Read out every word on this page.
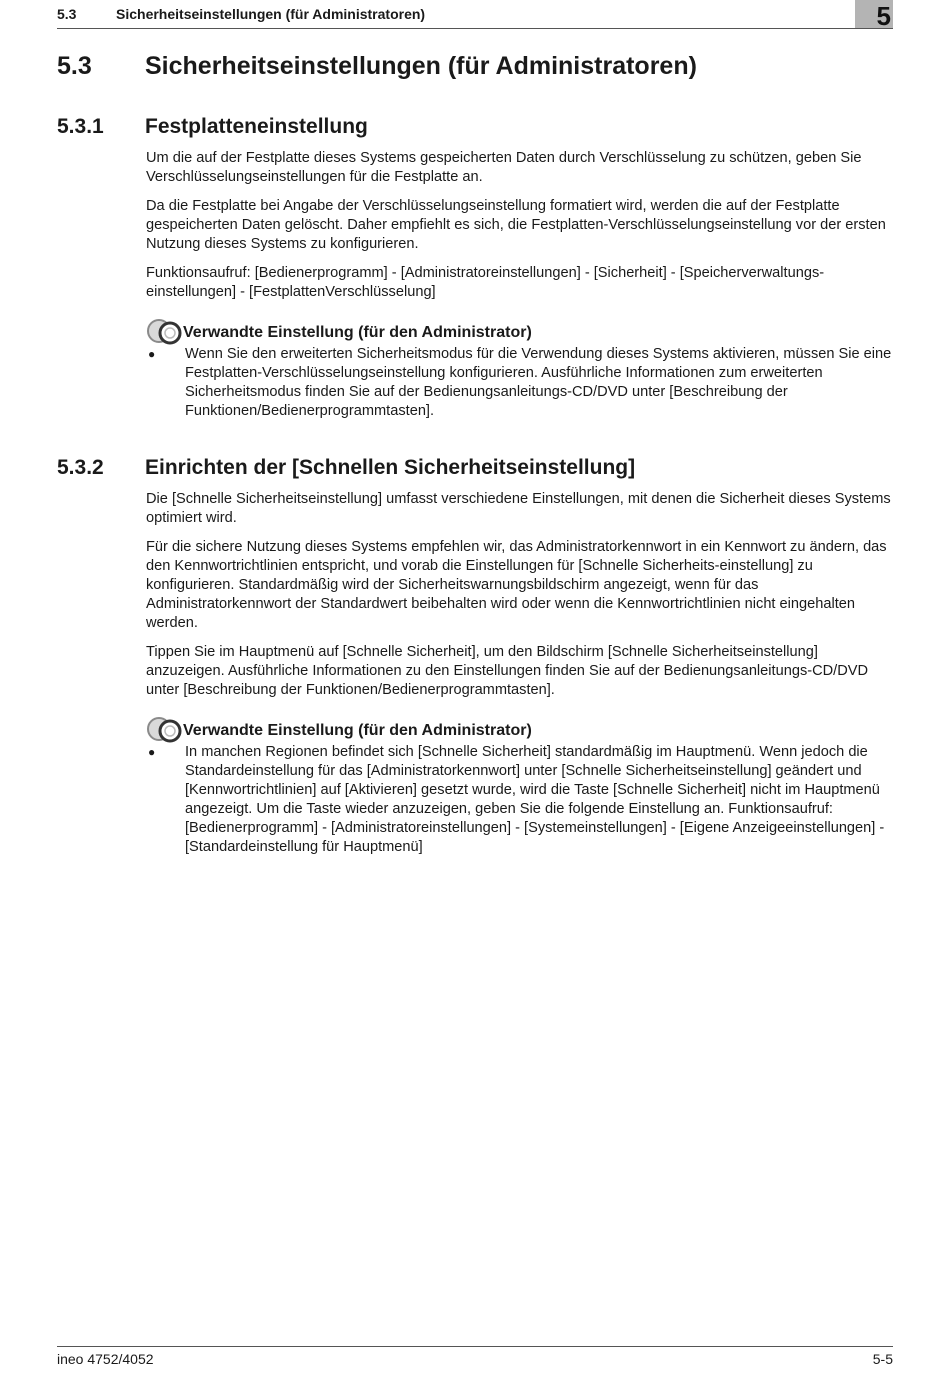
5.3	Sicherheitseinstellungen (für Administratoren)	5
5.3 Sicherheitseinstellungen (für Administratoren)
5.3.1 Festplatteneinstellung

Um die auf der Festplatte dieses Systems gespeicherten Daten durch Verschlüsselung zu schützen, geben Sie Verschlüsselungseinstellungen für die Festplatte an.

Da die Festplatte bei Angabe der Verschlüsselungseinstellung formatiert wird, werden die auf der Festplatte gespeicherten Daten gelöscht. Daher empfiehlt es sich, die Festplatten-Verschlüsselungseinstellung vor der ersten Nutzung dieses Systems zu konfigurieren.

Funktionsaufruf: [Bedienerprogramm] - [Administratoreinstellungen] - [Sicherheit] - [Speicherverwaltungs-einstellungen] - [FestplattenVerschlüsselung]

Verwandte Einstellung (für den Administrator)
● Wenn Sie den erweiterten Sicherheitsmodus für die Verwendung dieses Systems aktivieren, müssen Sie eine Festplatten-Verschlüsselungseinstellung konfigurieren. Ausführliche Informationen zum erweiterten Sicherheitsmodus finden Sie auf der Bedienungsanleitungs-CD/DVD unter [Beschreibung der Funktionen/Bedienerprogrammtasten].

5.3.2 Einrichten der [Schnellen Sicherheitseinstellung]

Die [Schnelle Sicherheitseinstellung] umfasst verschiedene Einstellungen, mit denen die Sicherheit dieses Systems optimiert wird.

Für die sichere Nutzung dieses Systems empfehlen wir, das Administratorkennwort in ein Kennwort zu ändern, das den Kennwortrichtlinien entspricht, und vorab die Einstellungen für [Schnelle Sicherheits-einstellung] zu konfigurieren. Standardmäßig wird der Sicherheitswarnungsbildschirm angezeigt, wenn für das Administratorkennwort der Standardwert beibehalten wird oder wenn die Kennwortrichtlinien nicht eingehalten werden.

Tippen Sie im Hauptmenü auf [Schnelle Sicherheit], um den Bildschirm [Schnelle Sicherheitseinstellung] anzuzeigen. Ausführliche Informationen zu den Einstellungen finden Sie auf der Bedienungsanleitungs-CD/DVD unter [Beschreibung der Funktionen/Bedienerprogrammtasten].

Verwandte Einstellung (für den Administrator)
● In manchen Regionen befindet sich [Schnelle Sicherheit] standardmäßig im Hauptmenü. Wenn jedoch die Standardeinstellung für das [Administratorkennwort] unter [Schnelle Sicherheitseinstellung] geändert und [Kennwortrichtlinien] auf [Aktivieren] gesetzt wurde, wird die Taste [Schnelle Sicherheit] nicht im Hauptmenü angezeigt. Um die Taste wieder anzuzeigen, geben Sie die folgende Einstellung an. Funktionsaufruf: [Bedienerprogramm] - [Administratoreinstellungen] - [Systemeinstellungen] - [Eigene Anzeigeeinstellungen] - [Standardeinstellung für Hauptmenü]

ineo 4752/4052	5-5
